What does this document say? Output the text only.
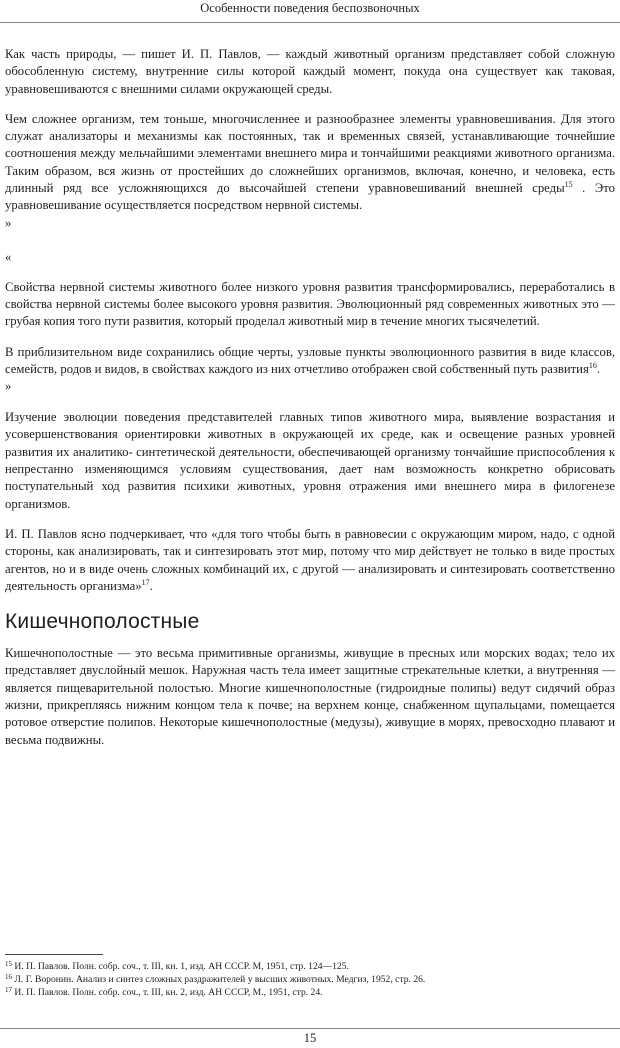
Особенности поведения беспозвоночных

Как часть природы, — пишет И. П. Павлов, — каждый животный организм представляет собой сложную обособленную систему, внутренние силы которой каждый момент, покуда она существует как таковая, уравновешиваются с внешними силами окружающей среды.

Чем сложнее организм, тем тоньше, многочисленнее и разнообразнее элементы уравновешивания. Для этого служат анализаторы и механизмы как постоянных, так и временных связей, устанавливающие точнейшие соотношения между мельчайшими элементами внешнего мира и тончайшими реакциями животного организма. Таким образом, вся жизнь от простейших до сложнейших организмов, включая, конечно, и человека, есть длинный ряд все усложняющихся до высочайшей степени уравновешиваний внешней среды$^{15}$ . Это уравновешивание осуществляется посредством нервной системы.

»
«

Свойства нервной системы животного более низкого уровня развития трансформировались, переработались в свойства нервной системы более высокого уровня развития. Эволюционный ряд современных животных это — грубая копия того пути развития, который проделал животный мир в течение многих тысячелетий.

В приблизительном виде сохранились общие черты, узловые пункты эволюционного развития в виде классов, семейств, родов и видов, в свойствах каждого из них отчетливо отображен свой собственный путь развития$^{16}$.

»

Изучение эволюции поведения представителей главных типов животного мира, выявление возрастания и усовершенствования ориентировки животных в окружающей их среде, как и освещение разных уровней развития их аналитико- синтетической деятельности, обеспечивающей организму тончайшие приспособления к непрестанно изменяющимся условиям существования, дает нам возможность конкретно обрисовать поступательный ход развития психики животных, уровня отражения ими внешнего мира в филогенезе организмов.

И. П. Павлов ясно подчеркивает, что «для того чтобы быть в равновесии с окружающим миром, надо, с одной стороны, как анализировать, так и синтезировать этот мир, потому что мир действует не только в виде простых агентов, но и в виде очень сложных комбинаций их, с другой — анализировать и синтезировать соответственно деятельность организма»$^{17}$.

Кишечнополостные

Кишечнополостные — это весьма примитивные организмы, живущие в пресных или морских водах; тело их представляет двуслойный мешок. Наружная часть тела имеет защитные стрекательные клетки, а внутренняя — является пищеварительной полостью. Многие кишечнополостные (гидроидные полипы) ведут сидячий образ жизни, прикрепляясь нижним концом тела к почве; на верхнем конце, снабженном щупальцами, помещается ротовое отверстие полипов. Некоторые кишечнополостные (медузы), живущие в морях, превосходно плавают и весьма подвижны.

$^{15}$ И. П. Павлов. Полн. собр. соч., т. III, кн. 1, изд. АН СССР. М, 1951, стр. 124—125.
$^{16}$ Л. Г. Воронин. Анализ и синтез сложных раздражителей у высших животных. Медгиз, 1952, стр. 26.
$^{17}$ И. П. Павлов. Полн. собр. соч., т. III, кн. 2, изд. АН СССР, М., 1951, стр. 24.
15
